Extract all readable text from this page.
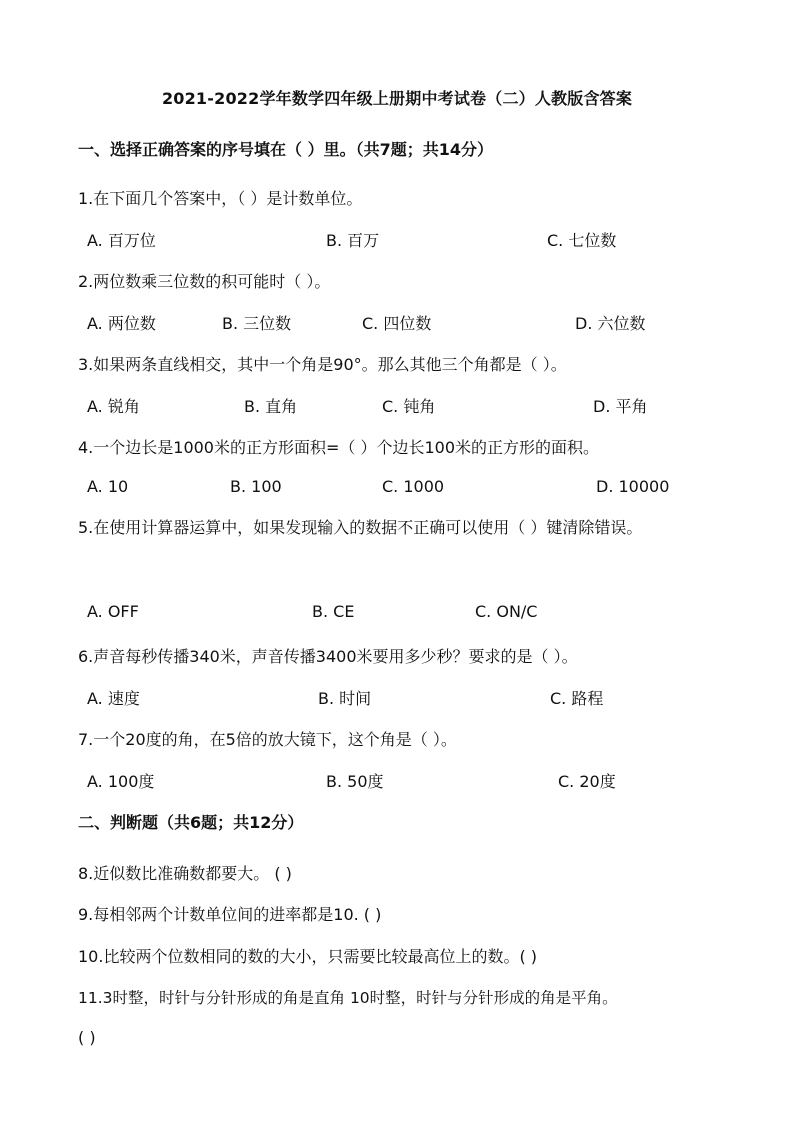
2021-2022学年数学四年级上册期中考试卷（二）人教版含答案
一、选择正确答案的序号填在（ ）里。（共7题；共14分）
1.在下面几个答案中，（ ）是计数单位。
A. 百万位	B. 百万	C. 七位数
2.两位数乘三位数的积可能时（ ）。
A. 两位数	B. 三位数	C. 四位数	D. 六位数
3.如果两条直线相交，其中一个角是90°。那么其他三个角都是（ ）。
A. 锐角	B. 直角	C. 钝角	D. 平角
4.一个边长是1000米的正方形面积=（ ）个边长100米的正方形的面积。
A. 10	B. 100	C. 1000	D. 10000
5.在使用计算器运算中，如果发现输入的数据不正确可以使用（ ）键清除错误。
A. OFF	B. CE	C. ON/C
6.声音每秒传播340米，声音传播3400米要用多少秒？要求的是（ ）。
A. 速度	B. 时间	C. 路程
7.一个20度的角，在5倍的放大镜下，这个角是（ ）。
A. 100度	B. 50度	C. 20度
二、判断题（共6题；共12分）
8.近似数比准确数都要大。 ( )
9.每相邻两个计数单位间的进率都是10. ( )
10.比较两个位数相同的数的大小，只需要比较最高位上的数。( )
11.3时整，时针与分针形成的角是直角 10时整，时针与分针形成的角是平角。
( )
